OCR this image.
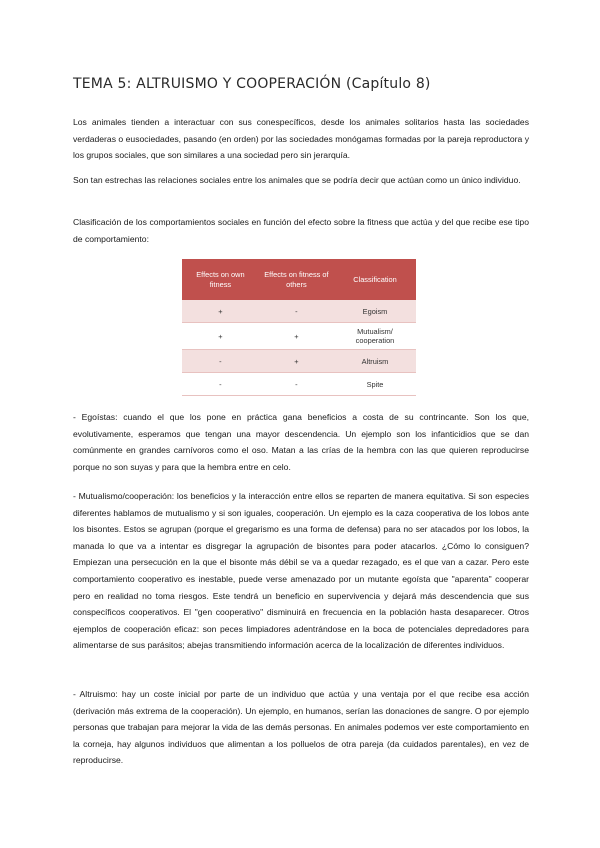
TEMA 5: ALTRUISMO Y COOPERACIÓN (Capítulo 8)

Los animales tienden a interactuar con sus conespecíficos, desde los animales solitarios hasta las sociedades verdaderas o eusociedades, pasando (en orden) por las sociedades monógamas formadas por la pareja reproductora y los grupos sociales, que son similares a una sociedad pero sin jerarquía.

Son tan estrechas las relaciones sociales entre los animales que se podría decir que actúan como un único individuo.

Clasificación de los comportamientos sociales en función del efecto sobre la fitness que actúa y del que recibe ese tipo de comportamiento:

Effects on own fitness	Effects on fitness of others	Classification
+	-	Egoism
+	+	Mutualism/ cooperation
-	+	Altruism
-	-	Spite

- Egoístas: cuando el que los pone en práctica gana beneficios a costa de su contrincante. Son los que, evolutivamente, esperamos que tengan una mayor descendencia. Un ejemplo son los infanticidios que se dan comúnmente en grandes carnívoros como el oso. Matan a las crías de la hembra con las que quieren reproducirse porque no son suyas y para que la hembra entre en celo.

- Mutualismo/cooperación: los beneficios y la interacción entre ellos se reparten de manera equitativa. Si son especies diferentes hablamos de mutualismo y si son iguales, cooperación. Un ejemplo es la caza cooperativa de los lobos ante los bisontes. Estos se agrupan (porque el gregarismo es una forma de defensa) para no ser atacados por los lobos, la manada lo que va a intentar es disgregar la agrupación de bisontes para poder atacarlos. ¿Cómo lo consiguen? Empiezan una persecución en la que el bisonte más débil se va a quedar rezagado, es el que van a cazar. Pero este comportamiento cooperativo es inestable, puede verse amenazado por un mutante egoísta que "aparenta" cooperar pero en realidad no toma riesgos. Este tendrá un beneficio en supervivencia y dejará más descendencia que sus conspecíficos cooperativos. El "gen cooperativo" disminuirá en frecuencia en la población hasta desaparecer. Otros ejemplos de cooperación eficaz: son peces limpiadores adentrándose en la boca de potenciales depredadores para alimentarse de sus parásitos; abejas transmitiendo información acerca de la localización de diferentes individuos.

- Altruismo: hay un coste inicial por parte de un individuo que actúa y una ventaja por el que recibe esa acción (derivación más extrema de la cooperación). Un ejemplo, en humanos, serían las donaciones de sangre. O por ejemplo personas que trabajan para mejorar la vida de las demás personas. En animales podemos ver este comportamiento en la corneja, hay algunos individuos que alimentan a los polluelos de otra pareja (da cuidados parentales), en vez de reproducirse.
